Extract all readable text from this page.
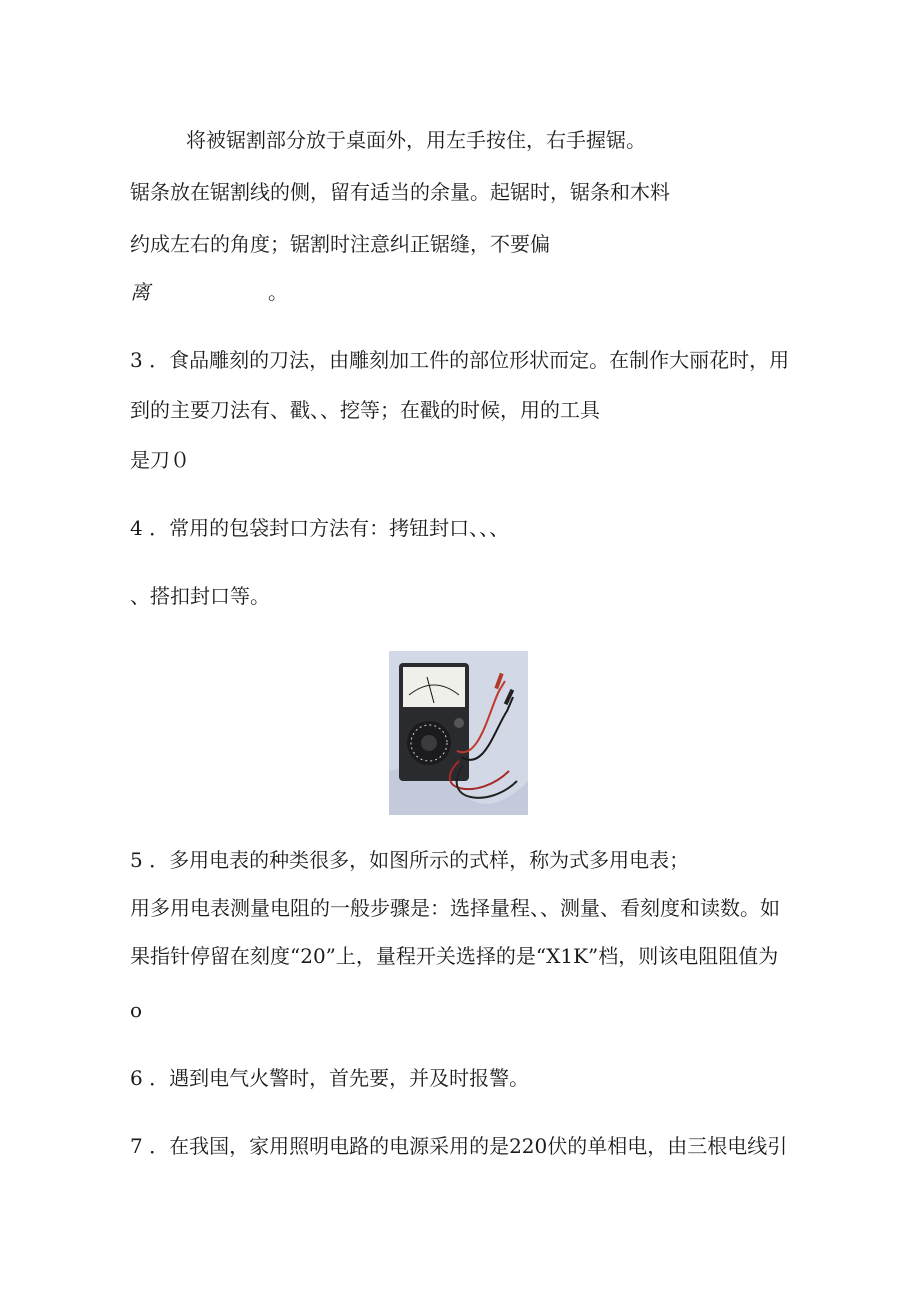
将被锯割部分放于桌面外，用左手按住，右手握锯。
锯条放在锯割线的侧，留有适当的余量。起锯时，锯条和木料
约成左右的角度；锯割时注意纠正锯缝，不要偏
离	。
3 ．食品雕刻的刀法，由雕刻加工件的部位形状而定。在制作大丽花时，用
到的主要刀法有、戳、、挖等；在戳的时候，用的工具
是刀０
4 ．常用的包袋封口方法有：拷钮封口、、、
、搭扣封口等。
5 ．多用电表的种类很多，如图所示的式样，称为式多用电表；
用多用电表测量电阻的一般步骤是：选择量程、、测量、看刻度和读数。如
果指针停留在刻度“20”上，量程开关选择的是“X1K”档，则该电阻阻值为
o
6 ．遇到电气火警时，首先要，并及时报警。
7 ．在我国，家用照明电路的电源采用的是220伏的单相电，由三根电线引
